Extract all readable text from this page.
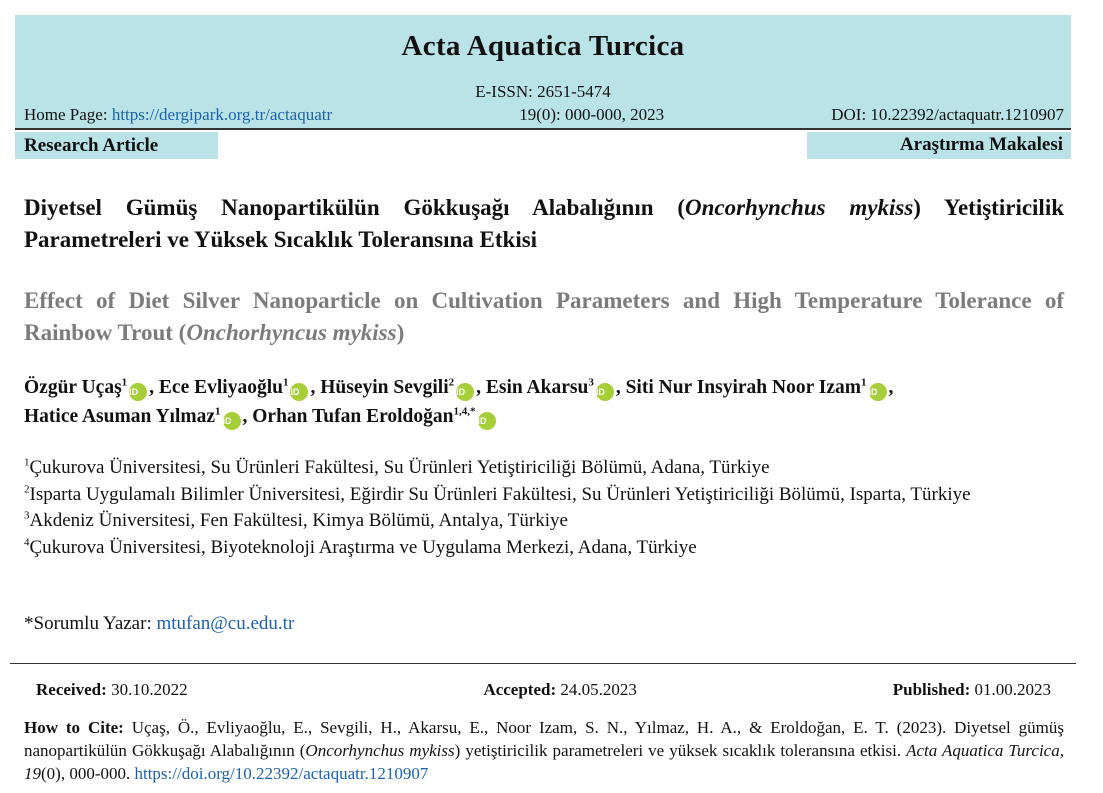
Acta Aquatica Turcica
E-ISSN: 2651-5474
Home Page: https://dergipark.org.tr/actaquatr	19(0): 000-000, 2023	DOI: 10.22392/actaquatr.1210907
Research Article	Araştırma Makalesi
Diyetsel Gümüş Nanopartikülün Gökkuşağı Alabalığının (Oncorhynchus mykiss) Yetiştiricilik Parametreleri ve Yüksek Sıcaklık Toleransına Etkisi
Effect of Diet Silver Nanoparticle on Cultivation Parameters and High Temperature Tolerance of Rainbow Trout (Onchorhyncus mykiss)
Özgür Uçaş$^1$iD , Ece Evliyaoğlu$^1$iD , Hüseyin Sevgili$^2$iD , Esin Akarsu$^3$iD , Siti Nur Insyirah Noor Izam$^1$iD ,
Hatice Asuman Yılmaz$^1$iD , Orhan Tufan Eroldoğan$^{1,4,*}$iD
$^1$Çukurova Üniversitesi, Su Ürünleri Fakültesi, Su Ürünleri Yetiştiriciliği Bölümü, Adana, Türkiye
$^2$Isparta Uygulamalı Bilimler Üniversitesi, Eğirdir Su Ürünleri Fakültesi, Su Ürünleri Yetiştiriciliği Bölümü, Isparta, Türkiye
$^3$Akdeniz Üniversitesi, Fen Fakültesi, Kimya Bölümü, Antalya, Türkiye
$^4$Çukurova Üniversitesi, Biyoteknoloji Araştırma ve Uygulama Merkezi, Adana, Türkiye
*Sorumlu Yazar: mtufan@cu.edu.tr
Received: 30.10.2022	Accepted: 24.05.2023	Published: 01.00.2023
How to Cite: Uçaş, Ö., Evliyaoğlu, E., Sevgili, H., Akarsu, E., Noor Izam, S. N., Yılmaz, H. A., & Eroldoğan, E. T. (2023). Diyetsel gümüş nanopartikülün Gökkuşağı Alabalığının (Oncorhynchus mykiss) yetiştiricilik parametreleri ve yüksek sıcaklık toleransına etkisi. Acta Aquatica Turcica, 19(0), 000-000. https://doi.org/10.22392/actaquatr.1210907
